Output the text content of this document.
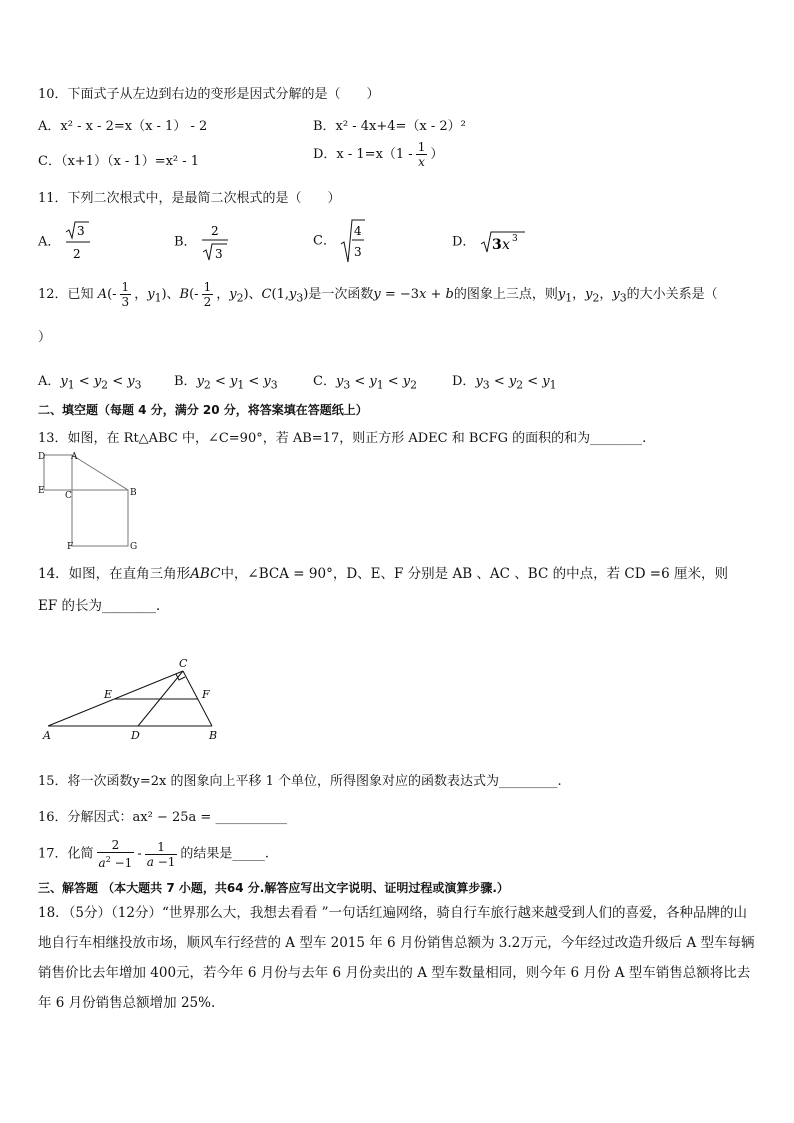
10．下面式子从左边到右边的变形是因式分解的是（　　）
A．x² - x - 2=x（x - 1） - 2	B．x² - 4x+4=（x - 2）²
C．（x+1）（x - 1）=x² - 1	D．$x - 1=x(1 - \frac{1}{x}$ ）
11．下列二次根式中，是最简二次根式的是（　　）
A．
3
2
B．
2
3
C．
4
3
D． 3 x 3
12．已知 $A(- \frac{1}{3}$ ，$y_1$)、$B(- \frac{1}{2}$ ，$y_2$)、$C(1,y_3)$是一次函数y = −3x + b的图象上三点，则$y_1$，$y_2$，$y_3$的大小关系是（
）
A．$y_1 < y_2 < y_3$	B．$y_2 < y_1 < y_3$	C．$y_3 < y_1 < y_2$	D．$y_3 < y_2 < y_1$
二、填空题（每题 4 分，满分 20 分，将答案填在答题纸上）
13．如图，在 Rt△ABC 中，∠C=90°，若 AB=17，则正方形 ADEC 和 BCFG 的面积的和为________.
D	A
E C	B
F	G
14．如图，在直角三角形ABC中，∠BCA = 90°，D、E、F 分别是 AB 、AC 、BC 的中点，若 CD =6 厘米，则
EF 的长为________．
C
E	F
A	D	B
15．将一次函数y=2x 的图象向上平移 1 个单位，所得图象对应的函数表达式为_________.
16．分解因式：ax² − 25a = ___________
17．化简 $\frac{2}{a^2 -1} - \frac{1}{a -1}$ 的结果是_____.
三、解答题 （本大题共 7 小题，共64 分.解答应写出文字说明、证明过程或演算步骤.）
18．（5分）（12分）“世界那么大，我想去看看 ”一句话红遍网络，骑自行车旅行越来越受到人们的喜爱，各种品牌的山地自行车相继投放市场，顺风车行经营的 A 型车 2015 年 6 月份销售总额为 3.2万元，今年经过改造升级后 A 型车每辆销售价比去年增加 400元，若今年 6 月份与去年 6 月份卖出的 A 型车数量相同，则今年 6 月份 A 型车销售总额将比去年 6 月份销售总额增加 25%.
